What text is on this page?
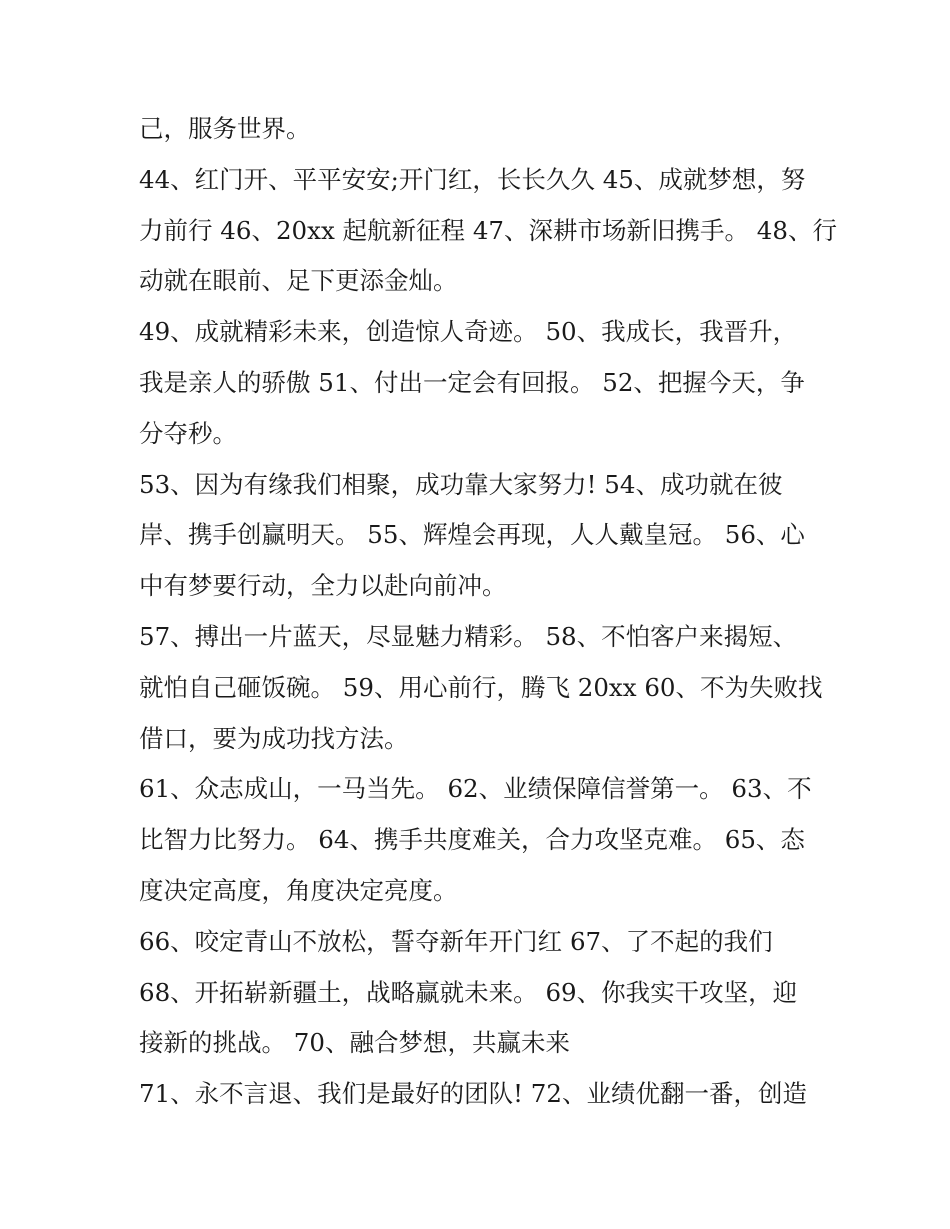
己，服务世界。
44、红门开、平平安安;开门红，长长久久 45、成就梦想，努
力前行 46、20xx 起航新征程 47、深耕市场新旧携手。 48、行
动就在眼前、足下更添金灿。
49、成就精彩未来，创造惊人奇迹。 50、我成长，我晋升，
我是亲人的骄傲 51、付出一定会有回报。 52、把握今天，争
分夺秒。
53、因为有缘我们相聚，成功靠大家努力! 54、成功就在彼
岸、携手创赢明天。 55、辉煌会再现，人人戴皇冠。 56、心
中有梦要行动，全力以赴向前冲。
57、搏出一片蓝天，尽显魅力精彩。 58、不怕客户来揭短、
就怕自己砸饭碗。 59、用心前行，腾飞 20xx 60、不为失败找
借口，要为成功找方法。
61、众志成山，一马当先。 62、业绩保障信誉第一。 63、不
比智力比努力。 64、携手共度难关，合力攻坚克难。 65、态
度决定高度，角度决定亮度。
66、咬定青山不放松，誓夺新年开门红 67、了不起的我们
68、开拓崭新疆土，战略赢就未来。 69、你我实干攻坚，迎
接新的挑战。 70、融合梦想，共赢未来
71、永不言退、我们是最好的团队! 72、业绩优翻一番，创造
